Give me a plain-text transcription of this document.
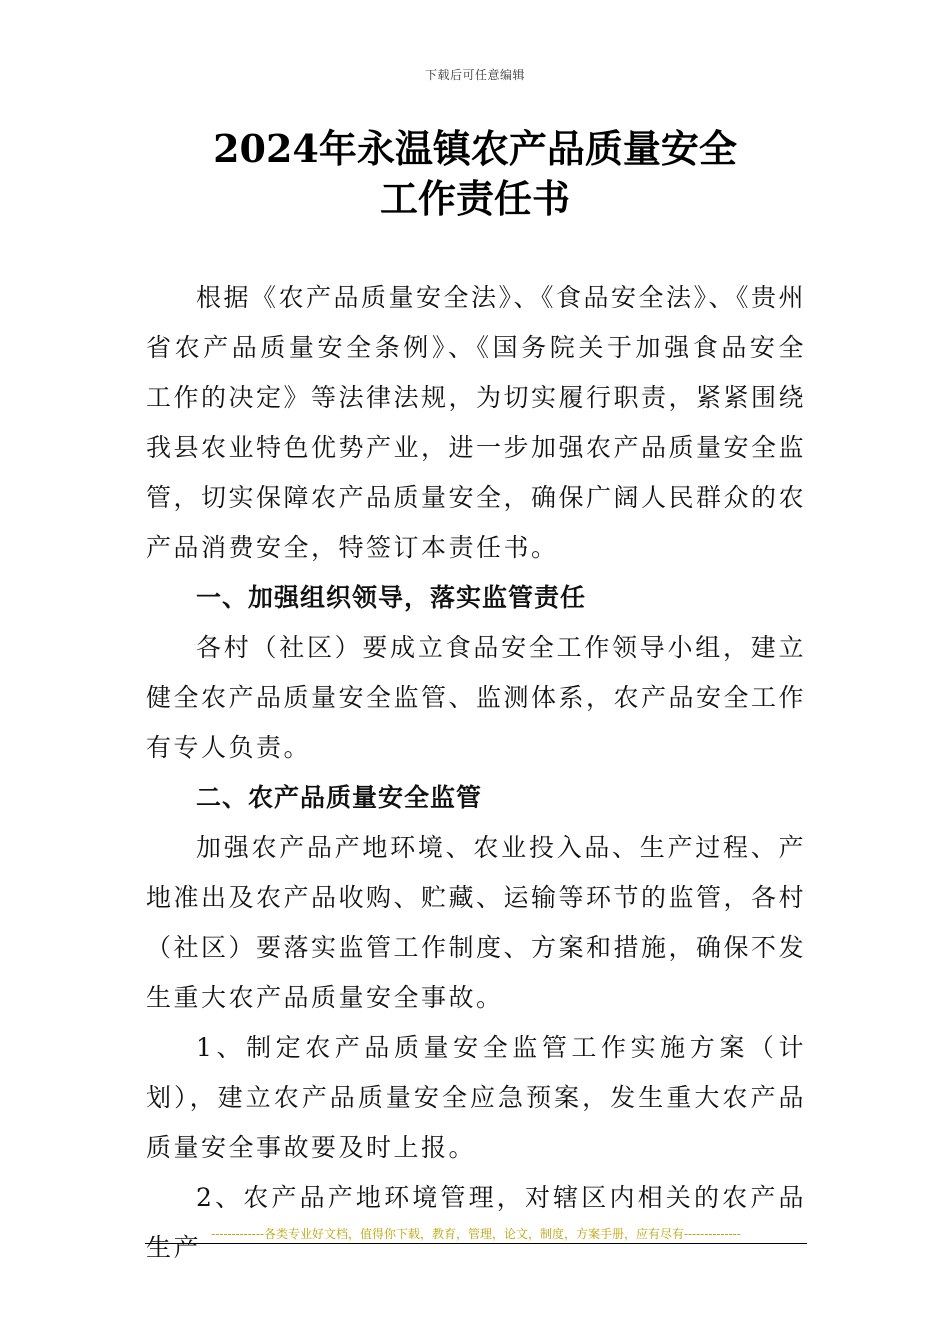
下载后可任意编辑
2024年永温镇农产品质量安全
工作责任书

根据《农产品质量安全法》、《食品安全法》、《贵州省农产品质量安全条例》、《国务院关于加强食品安全工作的决定》等法律法规，为切实履行职责，紧紧围绕我县农业特色优势产业，进一步加强农产品质量安全监管，切实保障农产品质量安全，确保广阔人民群众的农产品消费安全，特签订本责任书。

一、加强组织领导，落实监管责任

各村（社区）要成立食品安全工作领导小组，建立健全农产品质量安全监管、监测体系，农产品安全工作有专人负责。

二、农产品质量安全监管

加强农产品产地环境、农业投入品、生产过程、产地准出及农产品收购、贮藏、运输等环节的监管，各村（社区）要落实监管工作制度、方案和措施，确保不发生重大农产品质量安全事故。

1、制定农产品质量安全监管工作实施方案（计划），建立农产品质量安全应急预案，发生重大农产品质量安全事故要及时上报。

2、农产品产地环境管理，对辖区内相关的农产品生产 -------------各类专业好文档，值得你下载，教育，管理，论文，制度，方案手册，应有尽有--------------
